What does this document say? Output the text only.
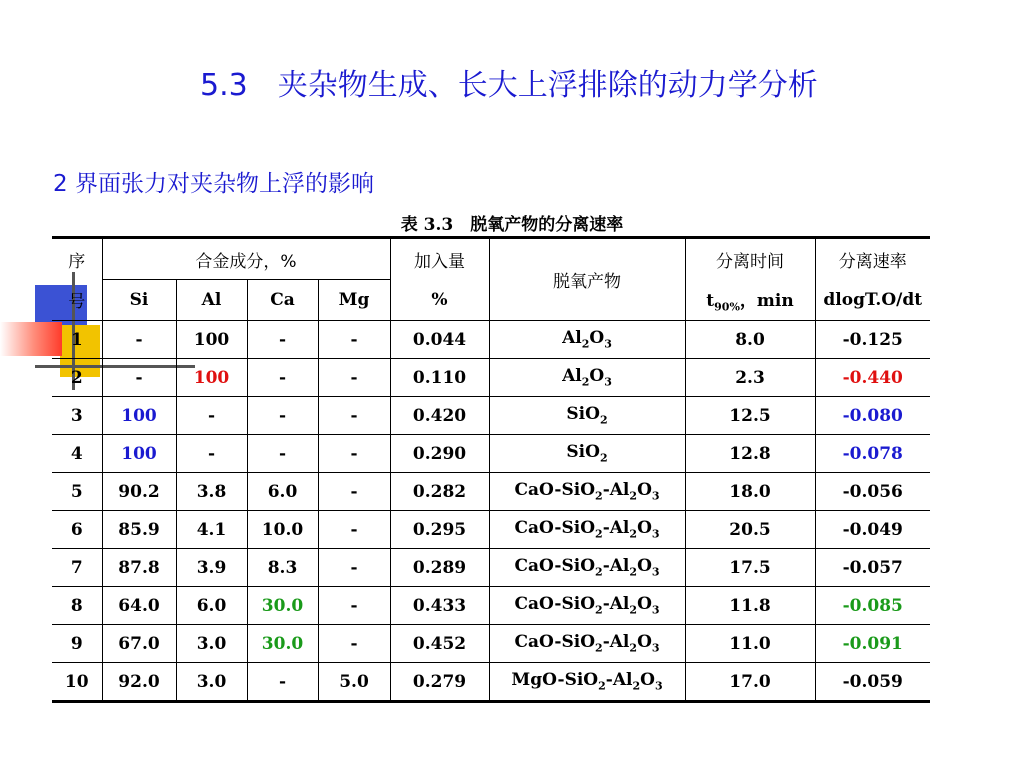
5.3　夹杂物生成、长大上浮排除的动力学分析
2 界面张力对夹杂物上浮的影响
表 3.3　脱氧产物的分离速率
序	合金成分，%				加入量	脱氧产物	分离时间	分离速率
号	Si	Al	Ca	Mg	%		$t_{90\%}$，min	dlogT.O/dt
1	-	100	-	-	0.044	$Al_2O_3$	8.0	-0.125
2	-	100	-	-	0.110	$Al_2O_3$	2.3	-0.440
3	100	-	-	-	0.420	SiO$_2$	12.5	-0.080
4	100	-	-	-	0.290	SiO$_2$	12.8	-0.078
5	90.2	3.8	6.0	-	0.282	CaO-$SiO_2-Al_2O_3$	18.0	-0.056
6	85.9	4.1	10.0	-	0.295	CaO-$SiO_2-Al_2O_3$	20.5	-0.049
7	87.8	3.9	8.3	-	0.289	CaO-$SiO_2-Al_2O_3$	17.5	-0.057
8	64.0	6.0	30.0	-	0.433	CaO-$SiO_2-Al_2O_3$	11.8	-0.085
9	67.0	3.0	30.0	-	0.452	CaO-$SiO_2-Al_2O_3$	11.0	-0.091
10	92.0	3.0	-	5.0	0.279	MgO-$SiO_2-Al_2O_3$	17.0	-0.059
